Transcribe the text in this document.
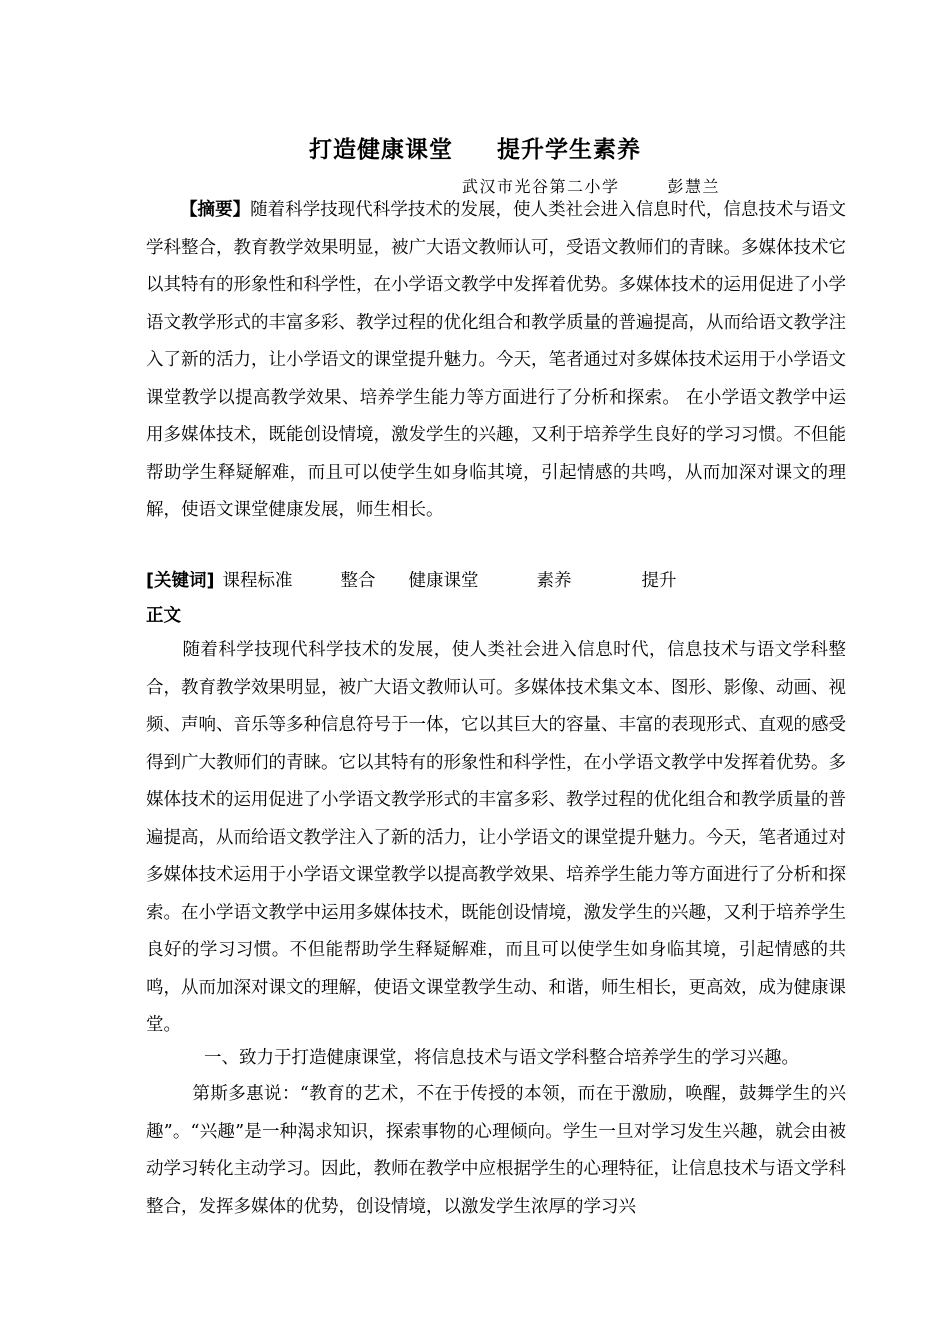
打造健康课堂 提升学生素养
武汉市光谷第二小学	彭慧兰
【摘要】随着科学技现代科学技术的发展，使人类社会进入信息时代，信息技术与语文学科整合，教育教学效果明显，被广大语文教师认可，受语文教师们的青睐。多媒体技术它以其特有的形象性和科学性，在小学语文教学中发挥着优势。多媒体技术的运用促进了小学语文教学形式的丰富多彩、教学过程的优化组合和教学质量的普遍提高，从而给语文教学注入了新的活力，让小学语文的课堂提升魅力。今天，笔者通过对多媒体技术运用于小学语文课堂教学以提高教学效果、培养学生能力等方面进行了分析和探索。 在小学语文教学中运用多媒体技术，既能创设情境，激发学生的兴趣，又利于培养学生良好的学习习惯。不但能帮助学生释疑解难，而且可以使学生如身临其境，引起情感的共鸣，从而加深对课文的理解，使语文课堂健康发展，师生相长。
[关键词] 课程标准	整合 健康课堂	素养	提升
正文
随着科学技现代科学技术的发展，使人类社会进入信息时代，信息技术与语文学科整合，教育教学效果明显，被广大语文教师认可。多媒体技术集文本、图形、影像、动画、视频、声响、音乐等多种信息符号于一体，它以其巨大的容量、丰富的表现形式、直观的感受得到广大教师们的青睐。它以其特有的形象性和科学性，在小学语文教学中发挥着优势。多媒体技术的运用促进了小学语文教学形式的丰富多彩、教学过程的优化组合和教学质量的普遍提高，从而给语文教学注入了新的活力，让小学语文的课堂提升魅力。今天，笔者通过对多媒体技术运用于小学语文课堂教学以提高教学效果、培养学生能力等方面进行了分析和探索。在小学语文教学中运用多媒体技术，既能创设情境，激发学生的兴趣，又利于培养学生良好的学习习惯。不但能帮助学生释疑解难，而且可以使学生如身临其境，引起情感的共鸣，从而加深对课文的理解，使语文课堂教学生动、和谐，师生相长，更高效，成为健康课堂。
一、致力于打造健康课堂，将信息技术与语文学科整合培养学生的学习兴趣。
第斯多惠说：“教育的艺术，不在于传授的本领，而在于激励，唤醒，鼓舞学生的兴趣”。“兴趣”是一种渴求知识，探索事物的心理倾向。学生一旦对学习发生兴趣，就会由被动学习转化主动学习。因此，教师在教学中应根据学生的心理特征，让信息技术与语文学科整合，发挥多媒体的优势，创设情境，以激发学生浓厚的学习兴
